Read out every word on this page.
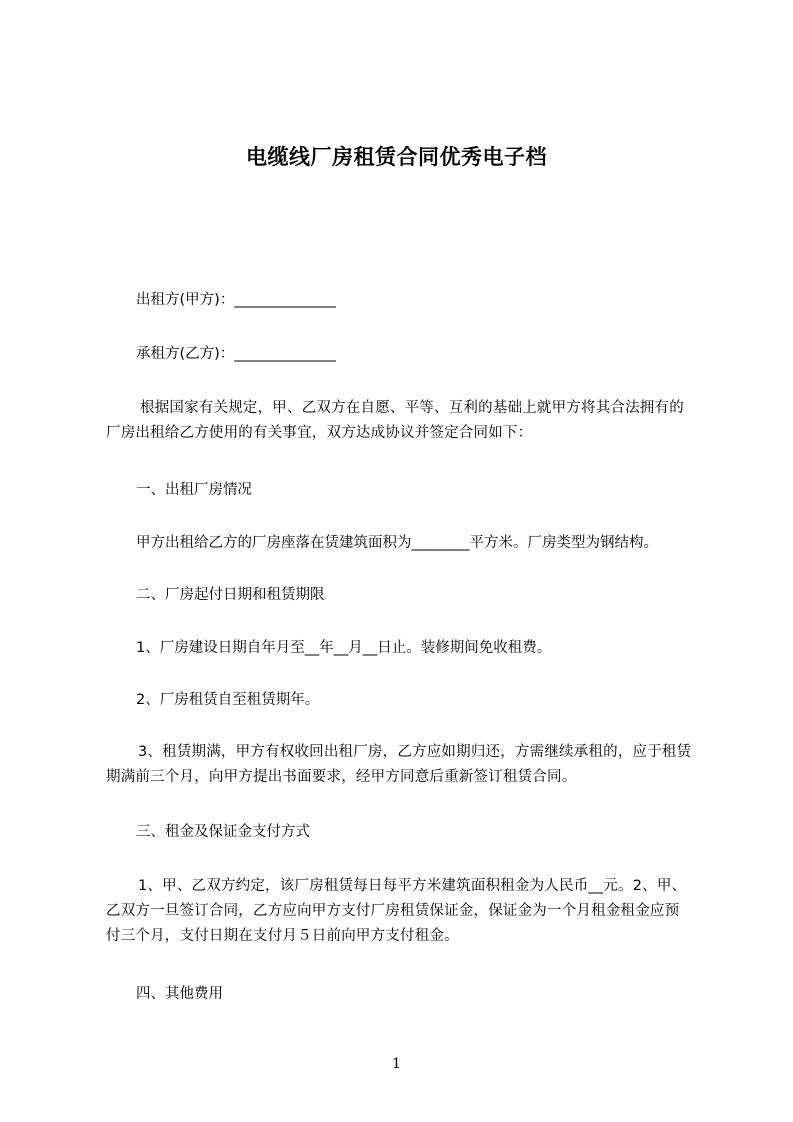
电缆线厂房租赁合同优秀电子档
出租方(甲方)：______________
承租方(乙方)：______________
根据国家有关规定，甲、乙双方在自愿、平等、互利的基础上就甲方将其合法拥有的厂房出租给乙方使用的有关事宜，双方达成协议并签定合同如下：
一、出租厂房情况
甲方出租给乙方的厂房座落在赁建筑面积为________平方米。厂房类型为钢结构。
二、厂房起付日期和租赁期限
1、厂房建设日期自年月至__年__月__日止。装修期间免收租费。
2、厂房租赁自至租赁期年。
3、租赁期满，甲方有权收回出租厂房，乙方应如期归还，方需继续承租的，应于租赁期满前三个月，向甲方提出书面要求，经甲方同意后重新签订租赁合同。
三、租金及保证金支付方式
1、甲、乙双方约定，该厂房租赁每日每平方米建筑面积租金为人民币__元。2、甲、乙双方一旦签订合同，乙方应向甲方支付厂房租赁保证金，保证金为一个月租金租金应预付三个月，支付日期在支付月５日前向甲方支付租金。
四、其他费用
1
